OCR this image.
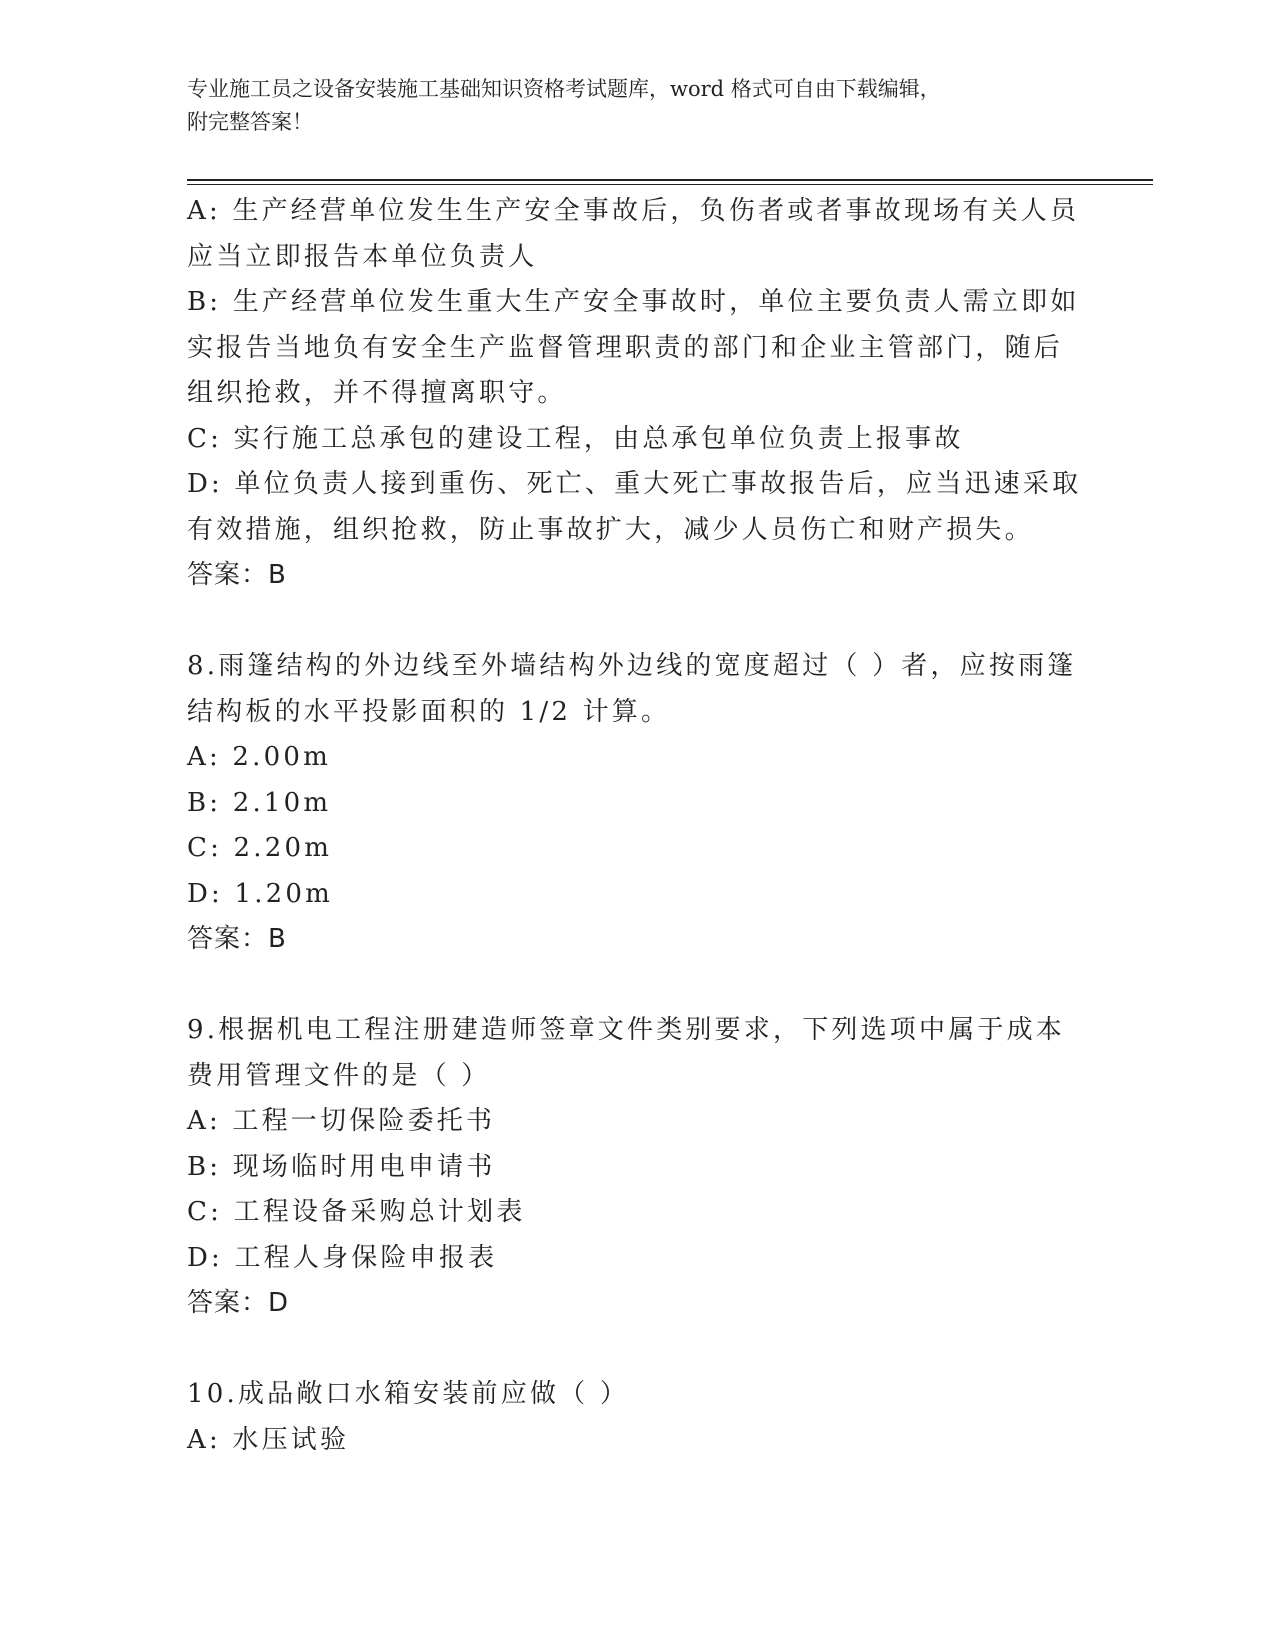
专业施工员之设备安装施工基础知识资格考试题库，word 格式可自由下载编辑，
附完整答案！
A: 生产经营单位发生生产安全事故后，负伤者或者事故现场有关人员
应当立即报告本单位负责人
B: 生产经营单位发生重大生产安全事故时，单位主要负责人需立即如
实报告当地负有安全生产监督管理职责的部门和企业主管部门，随后
组织抢救，并不得擅离职守。
C: 实行施工总承包的建设工程，由总承包单位负责上报事故
D: 单位负责人接到重伤、死亡、重大死亡事故报告后，应当迅速采取
有效措施，组织抢救，防止事故扩大，减少人员伤亡和财产损失。
答案：B
8.雨篷结构的外边线至外墙结构外边线的宽度超过（ ）者，应按雨篷
结构板的水平投影面积的 1/2 计算。
A: 2.00m
B: 2.10m
C: 2.20m
D: 1.20m
答案：B
9.根据机电工程注册建造师签章文件类别要求，下列选项中属于成本
费用管理文件的是（ ）
A: 工程一切保险委托书
B: 现场临时用电申请书
C: 工程设备采购总计划表
D: 工程人身保险申报表
答案：D
10.成品敞口水箱安装前应做（ ）
A: 水压试验
